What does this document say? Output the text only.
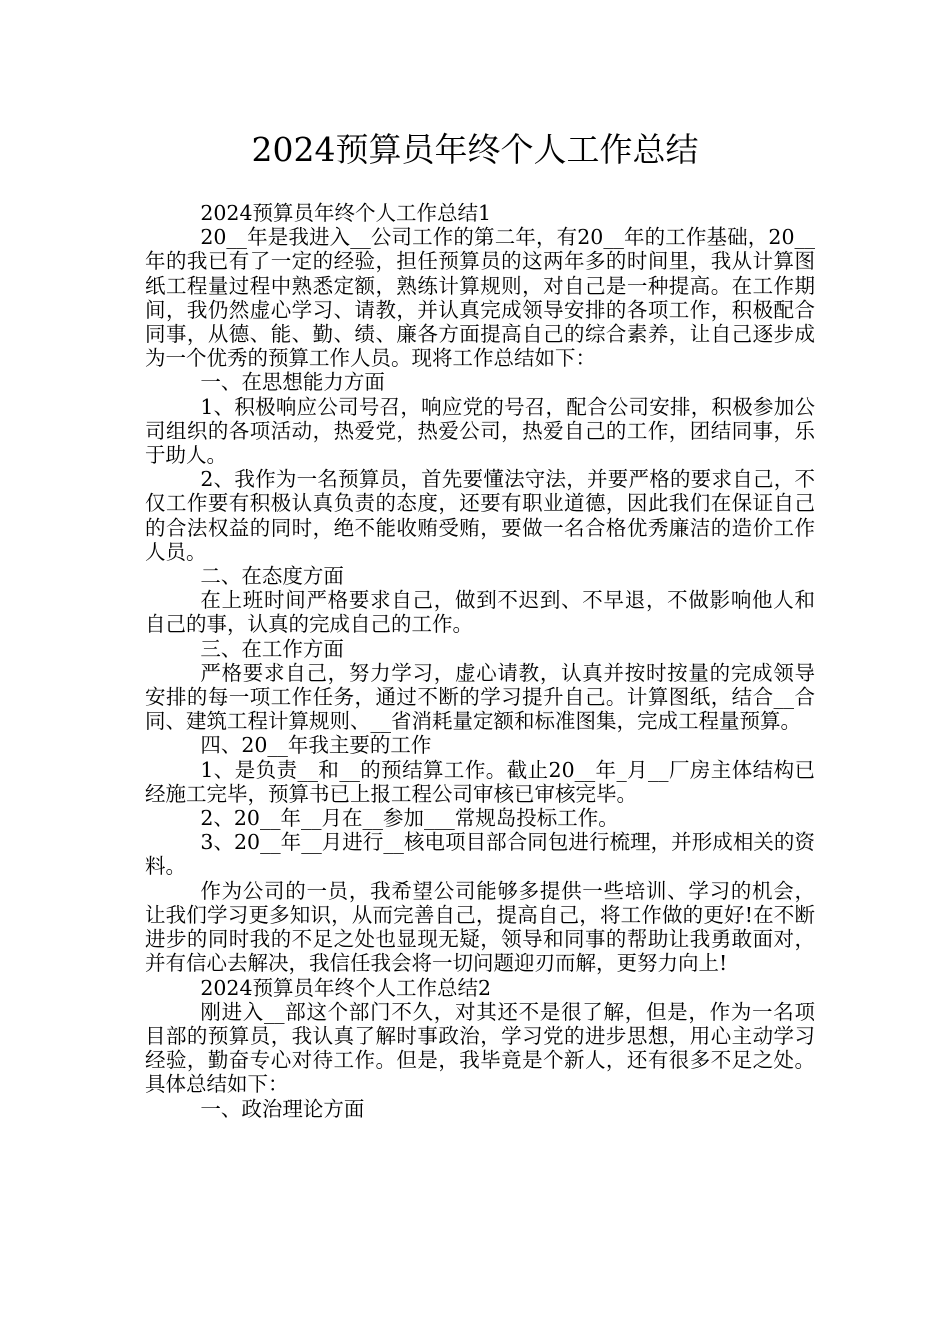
2024预算员年终个人工作总结

2024预算员年终个人工作总结1

20__年是我进入__公司工作的第二年，有20__年的工作基础，20__年的我已有了一定的经验，担任预算员的这两年多的时间里，我从计算图纸工程量过程中熟悉定额，熟练计算规则，对自己是一种提高。在工作期间，我仍然虚心学习、请教，并认真完成领导安排的各项工作，积极配合同事，从德、能、勤、绩、廉各方面提高自己的综合素养，让自己逐步成为一个优秀的预算工作人员。现将工作总结如下：

一、在思想能力方面

1、积极响应公司号召，响应党的号召，配合公司安排，积极参加公司组织的各项活动，热爱党，热爱公司，热爱自己的工作，团结同事，乐于助人。

2、我作为一名预算员，首先要懂法守法，并要严格的要求自己，不仅工作要有积极认真负责的态度，还要有职业道德，因此我们在保证自己的合法权益的同时，绝不能收贿受贿，要做一名合格优秀廉洁的造价工作人员。

二、在态度方面

在上班时间严格要求自己，做到不迟到、不早退，不做影响他人和自己的事，认真的完成自己的工作。

三、在工作方面

严格要求自己，努力学习，虚心请教，认真并按时按量的完成领导安排的每一项工作任务，通过不断的学习提升自己。计算图纸，结合__合同、建筑工程计算规则、__省消耗量定额和标准图集，完成工程量预算。

四、20__年我主要的工作

1、是负责__和__的预结算工作。截止20__年_月__厂房主体结构已经施工完毕，预算书已上报工程公司审核已审核完毕。

2、20__年__月在__参加___常规岛投标工作。

3、20__年__月进行__核电项目部合同包进行梳理，并形成相关的资料。

作为公司的一员，我希望公司能够多提供一些培训、学习的机会，让我们学习更多知识，从而完善自己，提高自己，将工作做的更好!在不断进步的同时我的不足之处也显现无疑，领导和同事的帮助让我勇敢面对，并有信心去解决，我信任我会将一切问题迎刃而解，更努力向上!

2024预算员年终个人工作总结2

刚进入__部这个部门不久，对其还不是很了解，但是，作为一名项目部的预算员，我认真了解时事政治，学习党的进步思想，用心主动学习经验，勤奋专心对待工作。但是，我毕竟是个新人，还有很多不足之处。具体总结如下：

一、政治理论方面
